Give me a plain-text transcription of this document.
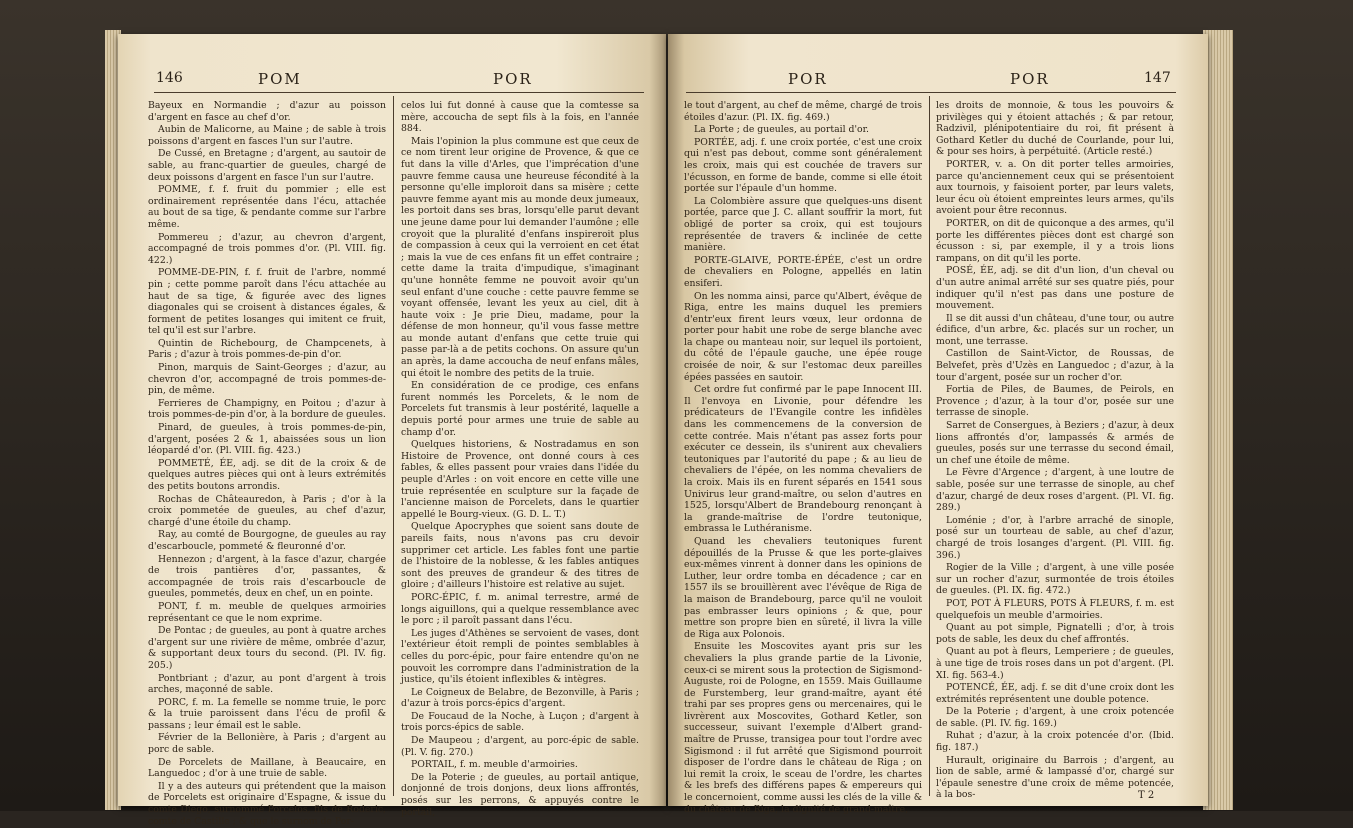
146	POM	POR

Bayeux en Normandie ; d'azur au poisson d'argent en fasce au chef d'or.

Aubin de Malicorne, au Maine ; de sable à trois poissons d'argent en fasces l'un sur l'autre.

De Cussé, en Bretagne ; d'argent, au sautoir de sable, au franc-quartier de gueules, chargé de deux poissons d'argent en fasce l'un sur l'autre.

POMME, f. f. fruit du pommier ; elle est ordinairement représentée dans l'écu, attachée au bout de sa tige, & pendante comme sur l'arbre même.

Pommereu ; d'azur, au chevron d'argent, accompagné de trois pommes d'or. (Pl. VIII. fig. 422.)

POMME-DE-PIN, f. f. fruit de l'arbre, nommé pin ; cette pomme paroît dans l'écu attachée au haut de sa tige, & figurée avec des lignes diagonales qui se croisent à distances égales, & forment de petites losanges qui imitent ce fruit, tel qu'il est sur l'arbre.

Quintin de Richebourg, de Champcenets, à Paris ; d'azur à trois pommes-de-pin d'or.

Pinon, marquis de Saint-Georges ; d'azur, au chevron d'or, accompagné de trois pommes-de-pin, de même.

Ferrieres de Champigny, en Poitou ; d'azur à trois pommes-de-pin d'or, à la bordure de gueules.

Pinard, de gueules, à trois pommes-de-pin, d'argent, posées 2 & 1, abaissées sous un lion léopardé d'or. (Pl. VIII. fig. 423.)

POMMETÉ, ÉE, adj. se dit de la croix & de quelques autres pièces qui ont à leurs extrémités des petits boutons arrondis.

Rochas de Châteauredon, à Paris ; d'or à la croix pommetée de gueules, au chef d'azur, chargé d'une étoile du champ.

Ray, au comté de Bourgogne, de gueules au ray d'escarboucle, pommeté & fleuronné d'or.

Hennezon ; d'argent, à la fasce d'azur, chargée de trois pantières d'or, passantes, & accompagnée de trois rais d'escarboucle de gueules, pommetés, deux en chef, un en pointe.

PONT, f. m. meuble de quelques armoiries représentant ce que le nom exprime.

De Pontac ; de gueules, au pont à quatre arches d'argent sur une rivière de même, ombrée d'azur, & supportant deux tours du second. (Pl. IV. fig. 205.)

Pontbriant ; d'azur, au pont d'argent à trois arches, maçonné de sable.

PORC, f. m. La femelle se nomme truie, le porc & la truie paroissent dans l'écu de profil & passans ; leur émail est le sable.

Février de la Bellonière, à Paris ; d'argent au porc de sable.

De Porcelets de Maillane, à Beaucaire, en Languedoc ; d'or à une truie de sable.

Il y a des auteurs qui prétendent que la maison de Porcelets est originaire d'Espagne, & issue du comte Diego, surnommé Porcelos, fils de Roderic, comte de Castille ; & que le surnom de Por-

celos lui fut donné à cause que la comtesse sa mère, accoucha de sept fils à la fois, en l'année 884.

Mais l'opinion la plus commune est que ceux de ce nom tirent leur origine de Provence, & que ce fut dans la ville d'Arles, que l'imprécation d'une pauvre femme causa une heureuse fécondité à la personne qu'elle imploroit dans sa misère ; cette pauvre femme ayant mis au monde deux jumeaux, les portoit dans ses bras, lorsqu'elle parut devant une jeune dame pour lui demander l'aumône ; elle croyoit que la pluralité d'enfans inspireroit plus de compassion à ceux qui la verroient en cet état ; mais la vue de ces enfans fit un effet contraire ; cette dame la traita d'impudique, s'imaginant qu'une honnête femme ne pouvoit avoir qu'un seul enfant d'une couche : cette pauvre femme se voyant offensée, levant les yeux au ciel, dit à haute voix : Je prie Dieu, madame, pour la défense de mon honneur, qu'il vous fasse mettre au monde autant d'enfans que cette truie qui passe par-là a de petits cochons. On assure qu'un an après, la dame accoucha de neuf enfans mâles, qui étoit le nombre des petits de la truie.

En considération de ce prodige, ces enfans furent nommés les Porcelets, & le nom de Porcelets fut transmis à leur postérité, laquelle a depuis porté pour armes une truie de sable au champ d'or.

Quelques historiens, & Nostradamus en son Histoire de Provence, ont donné cours à ces fables, & elles passent pour vraies dans l'idée du peuple d'Arles : on voit encore en cette ville une truie représentée en sculpture sur la façade de l'ancienne maison de Porcelets, dans le quartier appellé le Bourg-vieux. (G. D. L. T.)

Quelque Apocryphes que soient sans doute de pareils faits, nous n'avons pas cru devoir supprimer cet article. Les fables font une partie de l'histoire de la noblesse, & les fables antiques sont des preuves de grandeur & des titres de gloire ; d'ailleurs l'histoire est relative au sujet.

PORC-ÉPIC, f. m. animal terrestre, armé de longs aiguillons, qui a quelque ressemblance avec le porc ; il paroît passant dans l'écu.

Les juges d'Athènes se servoient de vases, dont l'extérieur étoit rempli de pointes semblables à celles du porc-épic, pour faire entendre qu'on ne pouvoit les corrompre dans l'administration de la justice, qu'ils étoient inflexibles & intègres.

Le Coigneux de Belabre, de Bezonville, à Paris ; d'azur à trois porcs-épics d'argent.

De Foucaud de la Noche, à Luçon ; d'argent à trois porcs-épics de sable.

De Maupeou ; d'argent, au porc-épic de sable. (Pl. V. fig. 270.)

PORTAIL, f. m. meuble d'armoiries.

De la Poterie ; de gueules, au portail antique, donjonné de trois donjons, deux lions affrontés, posés sur les perrons, & appuyés contre le portail,

POR	POR	147

le tout d'argent, au chef de même, chargé de trois étoiles d'azur. (Pl. IX. fig. 469.)

La Porte ; de gueules, au portail d'or.

PORTÉE, adj. f. une croix portée, c'est une croix qui n'est pas debout, comme sont généralement les croix, mais qui est couchée de travers sur l'écusson, en forme de bande, comme si elle étoit portée sur l'épaule d'un homme.

La Colombière assure que quelques-uns disent portée, parce que J. C. allant souffrir la mort, fut obligé de porter sa croix, qui est toujours représentée de travers & inclinée de cette manière.

PORTE-GLAIVE, PORTE-ÉPÉE, c'est un ordre de chevaliers en Pologne, appellés en latin ensiferi.

On les nomma ainsi, parce qu'Albert, évêque de Riga, entre les mains duquel les premiers d'entr'eux firent leurs vœux, leur ordonna de porter pour habit une robe de serge blanche avec la chape ou manteau noir, sur lequel ils portoient, du côté de l'épaule gauche, une épée rouge croisée de noir, & sur l'estomac deux pareilles épées passées en sautoir.

Cet ordre fut confirmé par le pape Innocent III. Il l'envoya en Livonie, pour défendre les prédicateurs de l'Evangile contre les infidèles dans les commencemens de la conversion de cette contrée. Mais n'étant pas assez forts pour exécuter ce dessein, ils s'unirent aux chevaliers teutoniques par l'autorité du pape ; & au lieu de chevaliers de l'épée, on les nomma chevaliers de la croix. Mais ils en furent séparés en 1541 sous Univirus leur grand-maître, ou selon d'autres en 1525, lorsqu'Albert de Brandebourg renonçant à la grande-maîtrise de l'ordre teutonique, embrassa le Luthéranisme.

Quand les chevaliers teutoniques furent dépouillés de la Prusse & que les porte-glaives eux-mêmes vinrent à donner dans les opinions de Luther, leur ordre tomba en décadence ; car en 1557 ils se brouillèrent avec l'évêque de Riga de la maison de Brandebourg, parce qu'il ne vouloit pas embrasser leurs opinions ; & que, pour mettre son propre bien en sûreté, il livra la ville de Riga aux Polonois.

Ensuite les Moscovites ayant pris sur les chevaliers la plus grande partie de la Livonie, ceux-ci se mirent sous la protection de Sigismond-Auguste, roi de Pologne, en 1559. Mais Guillaume de Furstemberg, leur grand-maître, ayant été trahi par ses propres gens ou mercenaires, qui le livrèrent aux Moscovites, Gothard Ketler, son successeur, suivant l'exemple d'Albert grand-maître de Prusse, transigea pour tout l'ordre avec Sigismond : il fut arrêté que Sigismond pourroit disposer de l'ordre dans le château de Riga ; on lui remit la croix, le sceau de l'ordre, les chartes & les brefs des différens papes & empereurs qui le concernoient, comme aussi les clés de la ville & du château de Riga, la dignité de grand-maître,

les droits de monnoie, & tous les pouvoirs & privilèges qui y étoient attachés ; & par retour, Radzivil, plénipotentiaire du roi, fit présent à Gothard Ketler du duché de Courlande, pour lui, & pour ses hoirs, à perpétuité. (Article resté.)

PORTER, v. a. On dit porter telles armoiries, parce qu'anciennement ceux qui se présentoient aux tournois, y faisoient porter, par leurs valets, leur écu où étoient empreintes leurs armes, qu'ils avoient pour être reconnus.

PORTER, on dit de quiconque a des armes, qu'il porte les différentes pièces dont est chargé son écusson : si, par exemple, il y a trois lions rampans, on dit qu'il les porte.

POSÉ, ÉE, adj. se dit d'un lion, d'un cheval ou d'un autre animal arrêté sur ses quatre piés, pour indiquer qu'il n'est pas dans une posture de mouvement.

Il se dit aussi d'un château, d'une tour, ou autre édifice, d'un arbre, &c. placés sur un rocher, un mont, une terrasse.

Castillon de Saint-Victor, de Roussas, de Belvefet, près d'Uzès en Languedoc ; d'azur, à la tour d'argent, posée sur un rocher d'or.

Fortia de Piles, de Baumes, de Peirols, en Provence ; d'azur, à la tour d'or, posée sur une terrasse de sinople.

Sarret de Consergues, à Beziers ; d'azur, à deux lions affrontés d'or, lampassés & armés de gueules, posés sur une terrasse du second émail, un chef une étoile de même.

Le Fèvre d'Argence ; d'argent, à une loutre de sable, posée sur une terrasse de sinople, au chef d'azur, chargé de deux roses d'argent. (Pl. VI. fig. 289.)

Loménie ; d'or, à l'arbre arraché de sinople, posé sur un tourteau de sable, au chef d'azur, chargé de trois losanges d'argent. (Pl. VIII. fig. 396.)

Rogier de la Ville ; d'argent, à une ville posée sur un rocher d'azur, surmontée de trois étoiles de gueules. (Pl. IX. fig. 472.)

POT, POT À FLEURS, POTS À FLEURS, f. m. est quelquefois un meuble d'armoiries.

Quant au pot simple, Pignatelli ; d'or, à trois pots de sable, les deux du chef affrontés.

Quant au pot à fleurs, Lemperiere ; de gueules, à une tige de trois roses dans un pot d'argent. (Pl. XI. fig. 563-4.)

POTENCÉ, ÉE, adj. f. se dit d'une croix dont les extrémités représentent une double potence.

De la Poterie ; d'argent, à une croix potencée de sable. (Pl. IV. fig. 169.)

Ruhat ; d'azur, à la croix potencée d'or. (Ibid. fig. 187.)

Hurault, originaire du Barrois ; d'argent, au lion de sable, armé & lampassé d'or, chargé sur l'épaule senestre d'une croix de même potencée, à la bos-	T 2
